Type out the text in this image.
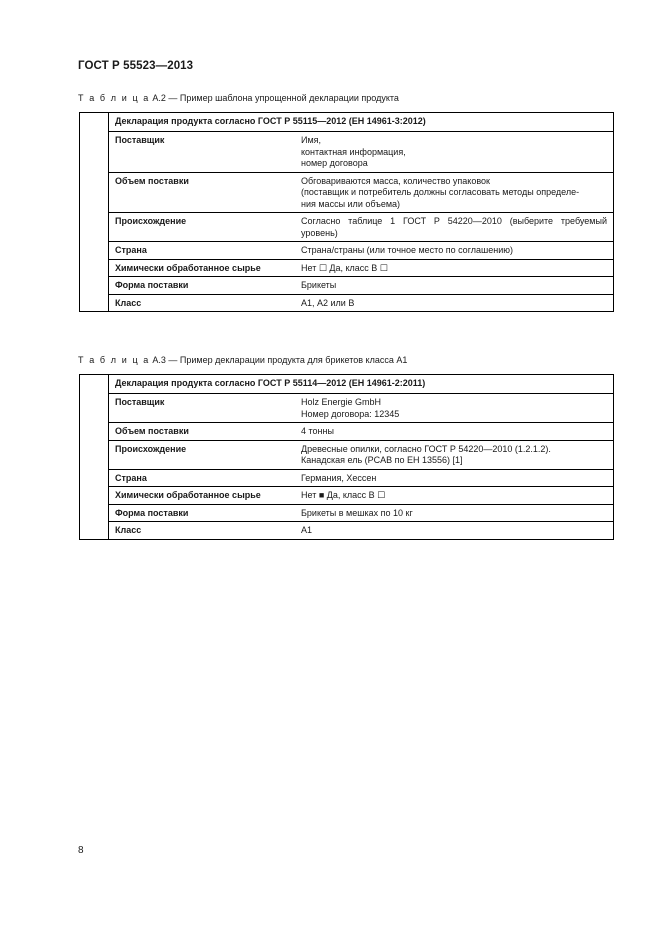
ГОСТ Р 55523—2013
Т а б л и ц а А.2 — Пример шаблона упрощенной декларации продукта
	Декларация продукта согласно ГОСТ Р 55115—2012 (ЕН 14961-3:2012)

Поставщик	Имя,
контактная информация,
номер договора
Объем поставки	Обговариваются масса, количество упаковок
(поставщик и потребитель должны согласовать методы определе-
ния массы или объема)
Происхождение	Согласно таблице 1 ГОСТ Р 54220—2010 (выберите требуемый уровень)
Страна	Страна/страны (или точное место по соглашению)
Химически обработанное сырье	Нет ☐ Да, класс В ☐
Форма поставки	Брикеты
Класс	А1, А2 или В
Т а б л и ц а А.3 — Пример декларации продукта для брикетов класса А1
	Декларация продукта согласно ГОСТ Р 55114—2012 (ЕН 14961-2:2011)

Поставщик	Holz Energie GmbH
Номер договора: 12345
Объем поставки	4 тонны
Происхождение	Древесные опилки, согласно ГОСТ Р 54220—2010 (1.2.1.2).
Канадская ель (PCAB по ЕН 13556) [1]
Страна	Германия, Хессен
Химически обработанное сырье	Нет ■ Да, класс В ☐
Форма поставки	Брикеты в мешках по 10 кг
Класс	А1
8
